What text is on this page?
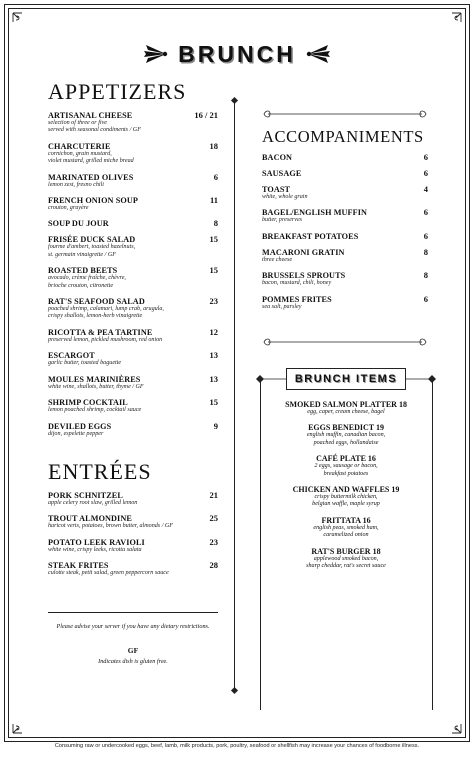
BRUNCH
APPETIZERS
ARTISANAL CHEESE	16 / 21
selection of three or five
served with seasonal condiments / GF
CHARCUTERIE	18
cornichon, grain mustard,
violet mustard, grilled miche bread
MARINATED OLIVES	6
lemon zest, fresno chili
FRENCH ONION SOUP	11
crouton, gruyère
SOUP DU JOUR	8
FRISÉE DUCK SALAD	15
fourme d'ambert, toasted hazelnuts,
st. germain vinaigrette / GF
ROASTED BEETS	15
avocado, crème fraîche, chèvre,
brioche crouton, citronette
RAT'S SEAFOOD SALAD	23
poached shrimp, calamari, lump crab, arugula,
crispy shallots, lemon-herb vinaigrette
RICOTTA & PEA TARTINE	12
preserved lemon, pickled mushroom, red onion
ESCARGOT	13
garlic butter, toasted baguette
MOULES MARINIÈRES	13
white wine, shallots, butter, thyme / GF
SHRIMP COCKTAIL	15
lemon poached shrimp, cocktail sauce
DEVILED EGGS	9
dijon, espelette pepper
ENTRÉES
PORK SCHNITZEL	21
apple celery root slaw, grilled lemon
TROUT ALMONDINE	25
haricot verts, potatoes, brown butter, almonds / GF
POTATO LEEK RAVIOLI	23
white wine, crispy leeks, ricotta salata
STEAK FRITES	28
culotte steak, petit salad, green peppercorn sauce
Please advise your server if you have any dietary restrictions.
GF
Indicates dish is gluten free.
ACCOMPANIMENTS
BACON	6
SAUSAGE	6
TOAST	4
white, whole grain
BAGEL/ENGLISH MUFFIN	6
butter, preserves
BREAKFAST POTATOES	6
MACARONI GRATIN	8
three cheese
BRUSSELS SPROUTS	8
bacon, mustard, chili, honey
POMMES FRITES	6
sea salt, parsley
BRUNCH ITEMS
SMOKED SALMON PLATTER 18
egg, caper, cream cheese, bagel
EGGS BENEDICT 19
english muffin, canadian bacon,
poached eggs, hollandaise
CAFÉ PLATE 16
2 eggs, sausage or bacon,
breakfast potatoes
CHICKEN AND WAFFLES 19
crispy buttermilk chicken,
belgian waffle, maple syrup
FRITTATA 16
english peas, smoked ham,
caramelized onion
RAT'S BURGER 18
applewood smoked bacon,
sharp cheddar, rat's secret sauce
Consuming raw or undercooked eggs, beef, lamb, milk products, pork, poultry, seafood or shellfish may increase your chances of foodborne illness.
